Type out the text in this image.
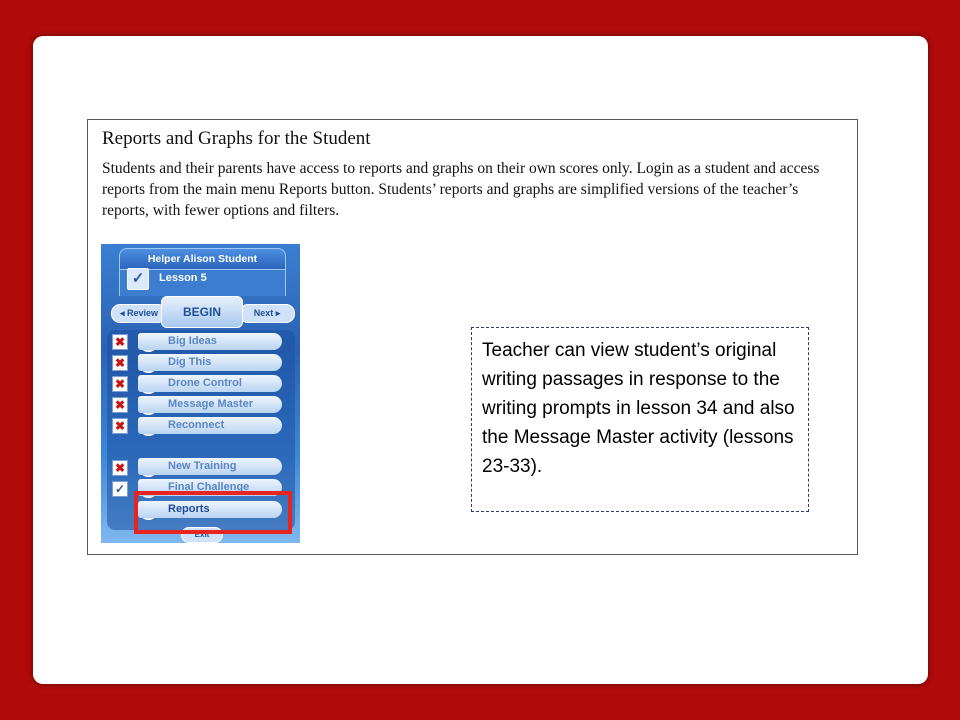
Reports and Graphs for the Student
Students and their parents have access to reports and graphs on their own scores only. Login as a student and access reports from the main menu Reports button. Students’ reports and graphs are simplified versions of the teacher’s reports, with fewer options and filters.
Helper Alison Student
✓	Lesson 5
◂ Review	Next ▸
BEGIN
✖	Big Ideas
✖	Dig This
✖	Drone Control
✖	Message Master
✖	Reconnect
✖	New Training
✓	Final Challenge
Reports
Exit
Teacher can view student’s original writing passages in response to the writing prompts in lesson 34 and also the Message Master activity (lessons 23-33).
